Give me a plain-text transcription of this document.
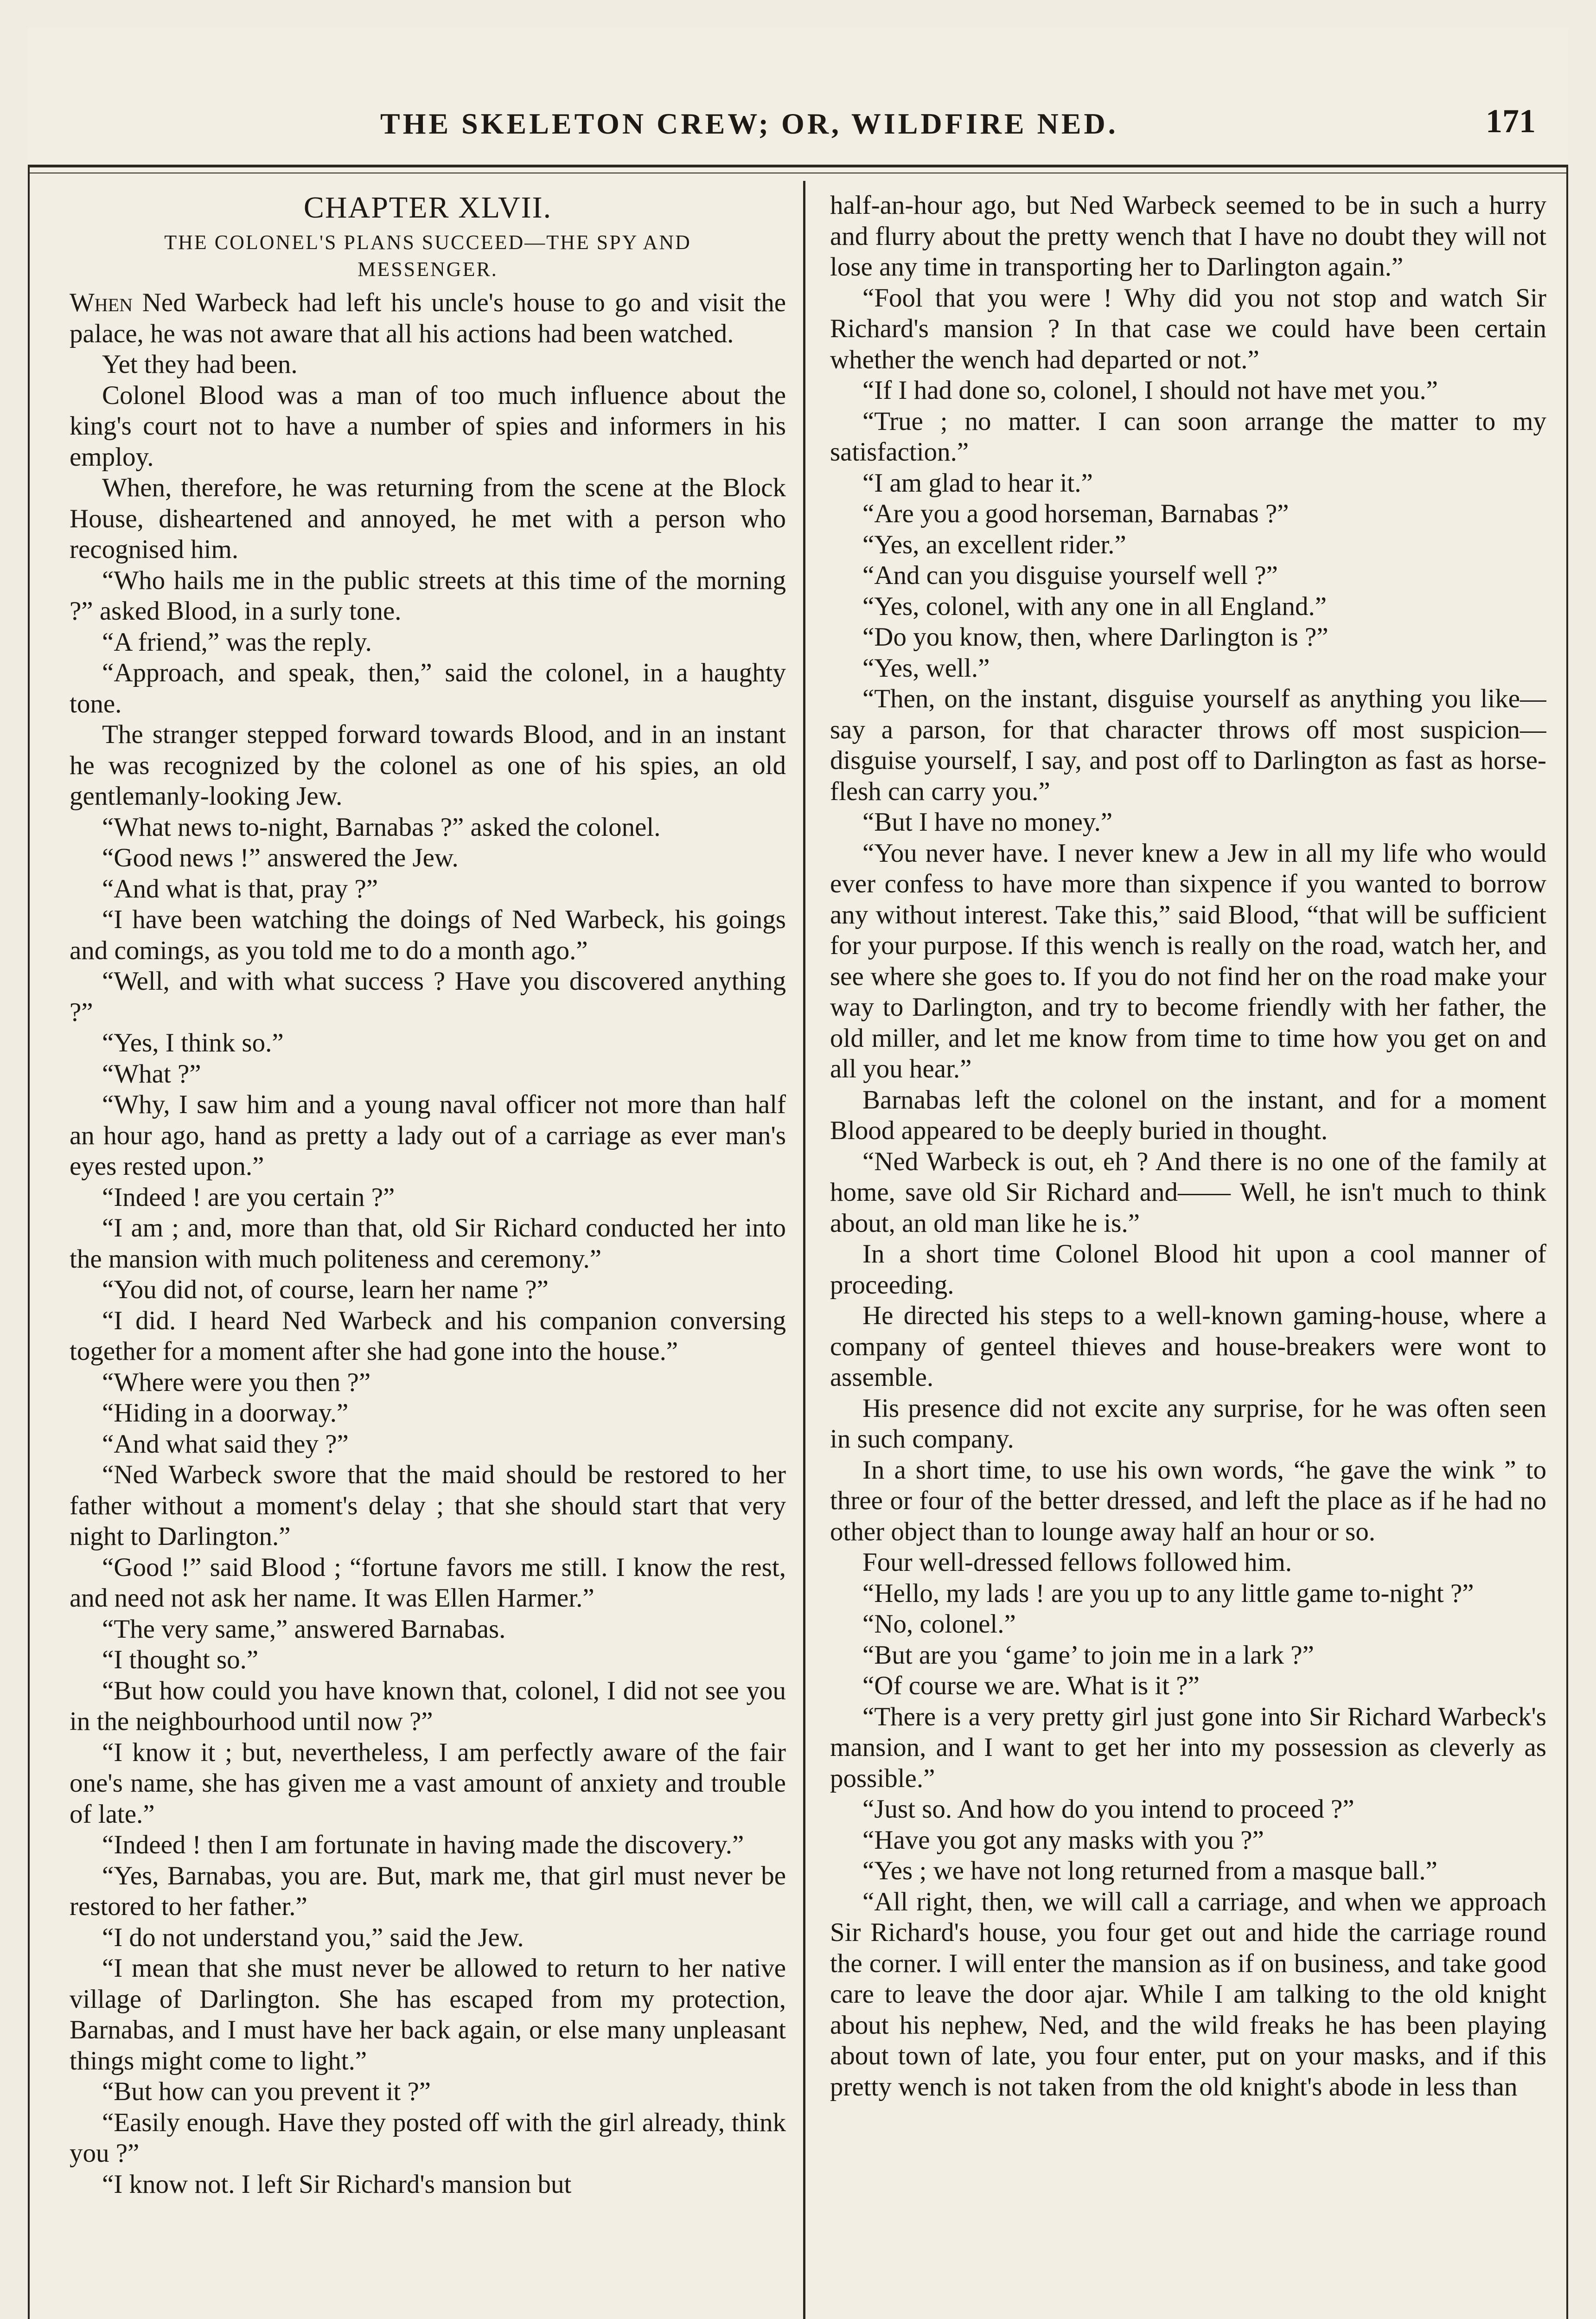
THE SKELETON CREW; OR, WILDFIRE NED.	171
CHAPTER XLVII.
THE COLONEL'S PLANS SUCCEED—THE SPY AND MESSENGER.

When Ned Warbeck had left his uncle's house to go and visit the palace, he was not aware that all his actions had been watched.

Yet they had been.

Colonel Blood was a man of too much influence about the king's court not to have a number of spies and informers in his employ.

When, therefore, he was returning from the scene at the Block House, disheartened and annoyed, he met with a person who recognised him.

“Who hails me in the public streets at this time of the morning ?” asked Blood, in a surly tone.

“A friend,” was the reply.

“Approach, and speak, then,” said the colonel, in a haughty tone.

The stranger stepped forward towards Blood, and in an instant he was recognized by the colonel as one of his spies, an old gentlemanly-looking Jew.

“What news to-night, Barnabas ?” asked the colonel.

“Good news !” answered the Jew.

“And what is that, pray ?”

“I have been watching the doings of Ned Warbeck, his goings and comings, as you told me to do a month ago.”

“Well, and with what success ? Have you discovered anything ?”

“Yes, I think so.”

“What ?”

“Why, I saw him and a young naval officer not more than half an hour ago, hand as pretty a lady out of a carriage as ever man's eyes rested upon.”

“Indeed ! are you certain ?”

“I am ; and, more than that, old Sir Richard conducted her into the mansion with much politeness and ceremony.”

“You did not, of course, learn her name ?”

“I did. I heard Ned Warbeck and his companion conversing together for a moment after she had gone into the house.”

“Where were you then ?”

“Hiding in a doorway.”

“And what said they ?”

“Ned Warbeck swore that the maid should be restored to her father without a moment's delay ; that she should start that very night to Darlington.”

“Good !” said Blood ; “fortune favors me still. I know the rest, and need not ask her name. It was Ellen Harmer.”

“The very same,” answered Barnabas.

“I thought so.”

“But how could you have known that, colonel, I did not see you in the neighbourhood until now ?”

“I know it ; but, nevertheless, I am perfectly aware of the fair one's name, she has given me a vast amount of anxiety and trouble of late.”

“Indeed ! then I am fortunate in having made the discovery.”

“Yes, Barnabas, you are. But, mark me, that girl must never be restored to her father.”

“I do not understand you,” said the Jew.

“I mean that she must never be allowed to return to her native village of Darlington. She has escaped from my protection, Barnabas, and I must have her back again, or else many unpleasant things might come to light.”

“But how can you prevent it ?”

“Easily enough. Have they posted off with the girl already, think you ?”

“I know not. I left Sir Richard's mansion but

half-an-hour ago, but Ned Warbeck seemed to be in such a hurry and flurry about the pretty wench that I have no doubt they will not lose any time in transporting her to Darlington again.”

“Fool that you were ! Why did you not stop and watch Sir Richard's mansion ? In that case we could have been certain whether the wench had departed or not.”

“If I had done so, colonel, I should not have met you.”

“True ; no matter. I can soon arrange the matter to my satisfaction.”

“I am glad to hear it.”

“Are you a good horseman, Barnabas ?”

“Yes, an excellent rider.”

“And can you disguise yourself well ?”

“Yes, colonel, with any one in all England.”

“Do you know, then, where Darlington is ?”

“Yes, well.”

“Then, on the instant, disguise yourself as anything you like—say a parson, for that character throws off most suspicion—disguise yourself, I say, and post off to Darlington as fast as horse-flesh can carry you.”

“But I have no money.”

“You never have. I never knew a Jew in all my life who would ever confess to have more than sixpence if you wanted to borrow any without interest. Take this,” said Blood, “that will be sufficient for your purpose. If this wench is really on the road, watch her, and see where she goes to. If you do not find her on the road make your way to Darlington, and try to become friendly with her father, the old miller, and let me know from time to time how you get on and all you hear.”

Barnabas left the colonel on the instant, and for a moment Blood appeared to be deeply buried in thought.

“Ned Warbeck is out, eh ? And there is no one of the family at home, save old Sir Richard and—— Well, he isn't much to think about, an old man like he is.”

In a short time Colonel Blood hit upon a cool manner of proceeding.

He directed his steps to a well-known gaming-house, where a company of genteel thieves and house-breakers were wont to assemble.

His presence did not excite any surprise, for he was often seen in such company.

In a short time, to use his own words, “he gave the wink ” to three or four of the better dressed, and left the place as if he had no other object than to lounge away half an hour or so.

Four well-dressed fellows followed him.

“Hello, my lads ! are you up to any little game to-night ?”

“No, colonel.”

“But are you ‘game’ to join me in a lark ?”

“Of course we are. What is it ?”

“There is a very pretty girl just gone into Sir Richard Warbeck's mansion, and I want to get her into my possession as cleverly as possible.”

“Just so. And how do you intend to proceed ?”

“Have you got any masks with you ?”

“Yes ; we have not long returned from a masque ball.”

“All right, then, we will call a carriage, and when we approach Sir Richard's house, you four get out and hide the carriage round the corner. I will enter the mansion as if on business, and take good care to leave the door ajar. While I am talking to the old knight about his nephew, Ned, and the wild freaks he has been playing about town of late, you four enter, put on your masks, and if this pretty wench is not taken from the old knight's abode in less than
